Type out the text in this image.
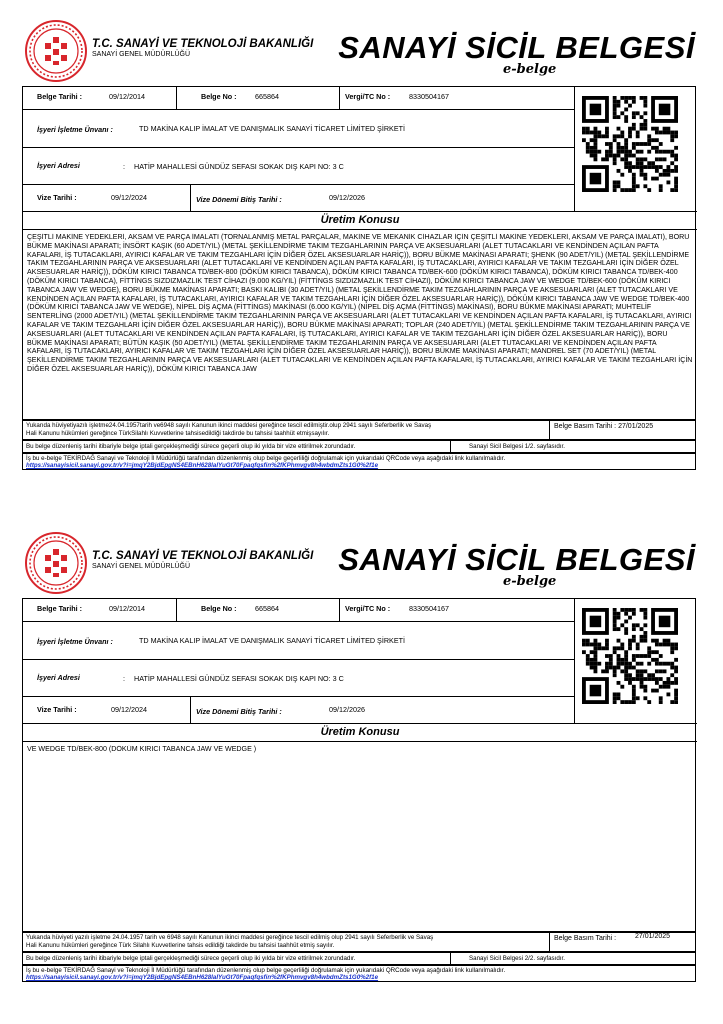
T.C. SANAYİ VE TEKNOLOJİ BAKANLIĞI
SANAYİ GENEL MÜDÜRLÜĞÜ	SANAYİ SİCİL BELGESİ
e-belge
Belge Tarihi :	09/12/2014	Belge No :	665864	Vergi/TC No :	8330504167
İşyeri İşletme Ünvanı :	TD MAKİNA KALIP İMALAT VE DANIŞMALIK SANAYİ TİCARET LİMİTED ŞİRKETİ
İşyeri Adresi	: HATİP MAHALLESİ GÜNDÜZ SEFASI SOKAK DIŞ KAPI NO: 3 C
Vize Tarihi :	09/12/2024	Vize Dönemi Bitiş Tarihi :	09/12/2026
Üretim Konusu
ÇEŞİTLİ MAKİNE YEDEKLERİ, AKSAM VE PARÇA İMALATI (TORNALANMIŞ METAL PARÇALAR, MAKİNE VE MEKANİK CİHAZLAR İÇİN ÇEŞİTLİ MAKİNE YEDEKLERİ, AKSAM VE PARÇA İMALATI), BORU BÜKME MAKİNASI APARATI; İNSÖRT KAŞIK (60 ADET/YIL) (METAL ŞEKİLLENDİRME TAKIM TEZGAHLARININ PARÇA VE AKSESUARLARI (ALET TUTACAKLARI VE KENDİNDEN AÇILAN PAFTA KAFALARI, İŞ TUTACAKLARI, AYIRICI KAFALAR VE TAKIM TEZGAHLARI İÇİN DİĞER ÖZEL AKSESUARLAR HARİÇ)), BORU BÜKME MAKİNASI APARATI; ŞHENK (90 ADET/YIL) (METAL ŞEKİLLENDİRME TAKIM TEZGAHLARININ PARÇA VE AKSESUARLARI (ALET TUTACAKLARI VE KENDİNDEN AÇILAN PAFTA KAFALARI, İŞ TUTACAKLARI, AYIRICI KAFALAR VE TAKIM TEZGAHLARI İÇİN DİĞER ÖZEL AKSESUARLAR HARİÇ)), DÖKÜM KIRICI TABANCA TD/BEK-800 (DÖKÜM KIRICI TABANCA), DÖKÜM KIRICI TABANCA TD/BEK-600 (DÖKÜM KIRICI TABANCA), DÖKÜM KIRICI TABANCA TD/BEK-400 (DÖKÜM KIRICI TABANCA), FİTTİNGS SIZDIZMAZLIK TEST CİHAZI (9.000 KG/YIL) (FİTTİNGS SIZDIZMAZLIK TEST CİHAZI), DÖKÜM KIRICI TABANCA JAW VE WEDGE TD/BEK-600 (DÖKÜM KIRICI TABANCA JAW VE WEDGE), BORU BÜKME MAKİNASI APARATI; BASKI KALIBI (30 ADET/YIL) (METAL ŞEKİLLENDİRME TAKIM TEZGAHLARININ PARÇA VE AKSESUARLARI (ALET TUTACAKLARI VE KENDİNDEN AÇILAN PAFTA KAFALARI, İŞ TUTACAKLARI, AYIRICI KAFALAR VE TAKIM TEZGAHLARI İÇİN DİĞER ÖZEL AKSESUARLAR HARİÇ)), DÖKÜM KIRICI TABANCA JAW VE WEDGE TD/BEK-400 (DÖKÜM KIRICI TABANCA JAW VE WEDGE), NİPEL DİŞ AÇMA (FİTTİNGS) MAKİNASI (6.000 KG/YIL) (NİPEL DİŞ AÇMA (FİTTİNGS) MAKİNASI), BORU BÜKME MAKİNASI APARATI; MUHTELİF SENTERLİNG (2000 ADET/YIL) (METAL ŞEKİLLENDİRME TAKIM TEZGAHLARININ PARÇA VE AKSESUARLARI (ALET TUTACAKLARI VE KENDİNDEN AÇILAN PAFTA KAFALARI, İŞ TUTACAKLARI, AYIRICI KAFALAR VE TAKIM TEZGAHLARI İÇİN DİĞER ÖZEL AKSESUARLAR HARİÇ)), BORU BÜKME MAKİNASI APARATI; TOPLAR (240 ADET/YIL) (METAL ŞEKİLLENDİRME TAKIM TEZGAHLARININ PARÇA VE AKSESUARLARI (ALET TUTACAKLARI VE KENDİNDEN AÇILAN PAFTA KAFALARI, İŞ TUTACAKLARI, AYIRICI KAFALAR VE TAKIM TEZGAHLARI İÇİN DİĞER ÖZEL AKSESUARLAR HARİÇ)), BORU BÜKME MAKİNASI APARATI; BÜTÜN KAŞIK (50 ADET/YIL) (METAL ŞEKİLLENDİRME TAKIM TEZGAHLARININ PARÇA VE AKSESUARLARI (ALET TUTACAKLARI VE KENDİNDEN AÇILAN PAFTA KAFALARI, İŞ TUTACAKLARI, AYIRICI KAFALAR VE TAKIM TEZGAHLARI İÇİN DİĞER ÖZEL AKSESUARLAR HARİÇ)), BORU BÜKME MAKİNASI APARATI; MANDREL SET (70 ADET/YIL) (METAL ŞEKİLLENDİRME TAKIM TEZGAHLARININ PARÇA VE AKSESUARLARI (ALET TUTACAKLARI VE KENDİNDEN AÇILAN PAFTA KAFALARI, İŞ TUTACAKLARI, AYIRICI KAFALAR VE TAKIM TEZGAHLARI İÇİN DİĞER ÖZEL AKSESUARLAR HARİÇ)), DÖKÜM KIRICI TABANCA JAW
Yukarıda hüviyetiyazılı işletme24.04.1957tarih ve6948 sayılı Kanunun ikinci maddesi gereğince tescil edilmiştir.olup 2941 sayılı Seferberlik ve Savaş
Hali Kanunu hükümleri gereğince TürkSilahlı Kuvvetlerine tahsisedildiği takdirde bu tahsisi taahhüt etmişsayılır.
Belge Basım Tarihi : 27/01/2025
Bu belge düzenleniş tarihi itibariyle belge iptali gerçekleşmediği sürece geçerli olup iki yılda bir vize ettirilmek zorundadır.	Sanayi Sicil Belgesi 1/2. sayfasıdır.
İş bu e-belge TEKİRDAĞ Sanayi ve Teknoloji İl Müdürlüğü tarafından düzenlenmiş olup belge geçerliliği doğrulamak için yukarıdaki QRCode veya aşağıdaki link kullanılmalıdır.
https://sanayisicil.sanayi.gov.tr/v?i=jmqY2BjdEpgNS4EBnH628laIYuGt70Fpaqfqsfin%2fKPhmvgv8h4wbdmZts1G0%2f1e
T.C. SANAYİ VE TEKNOLOJİ BAKANLIĞI
SANAYİ GENEL MÜDÜRLÜĞÜ	SANAYİ SİCİL BELGESİ
e-belge
Belge Tarihi :	09/12/2014	Belge No :	665864	Vergi/TC No :	8330504167
İşyeri İşletme Ünvanı :	TD MAKİNA KALIP İMALAT VE DANIŞMALIK SANAYİ TİCARET LİMİTED ŞİRKETİ
İşyeri Adresi	: HATİP MAHALLESİ GÜNDÜZ SEFASI SOKAK DIŞ KAPI NO: 3 C
Vize Tarihi :	09/12/2024	Vize Dönemi Bitiş Tarihi :	09/12/2026
Üretim Konusu
VE WEDGE TD/BEK-800 (DÖKÜM KIRICI TABANCA JAW VE WEDGE )
Yukarıda hüviyeti yazılı işletme 24.04.1957 tarih ve 6948 sayılı Kanunun ikinci maddesi gereğince tescil edilmiş olup 2941 sayılı Seferberlik ve Savaş
Hali Kanunu hükümleri gereğince Türk Silahlı Kuvvetlerine tahsis edildiği takdirde bu tahsisi taahhüt etmiş sayılır.
Belge Basım Tarihi :	27/01/2025
Bu belge düzenleniş tarihi itibariyle belge iptali gerçekleşmediği sürece geçerli olup iki yılda bir vize ettirilmek zorundadır.	Sanayi Sicil Belgesi 2/2. sayfasıdır.
İş bu e-belge TEKİRDAĞ Sanayi ve Teknoloji İl Müdürlüğü tarafından düzenlenmiş olup belge geçerliliği doğrulamak için yukarıdaki QRCode veya aşağıdaki link kullanılmalıdır.
https://sanayisicil.sanayi.gov.tr/v?i=jmqY2BjdEpgNS4EBnH628laIYuGt70Fpaqfqsfin%2fKPhmvgv8h4wbdmZts1G0%2f1e
